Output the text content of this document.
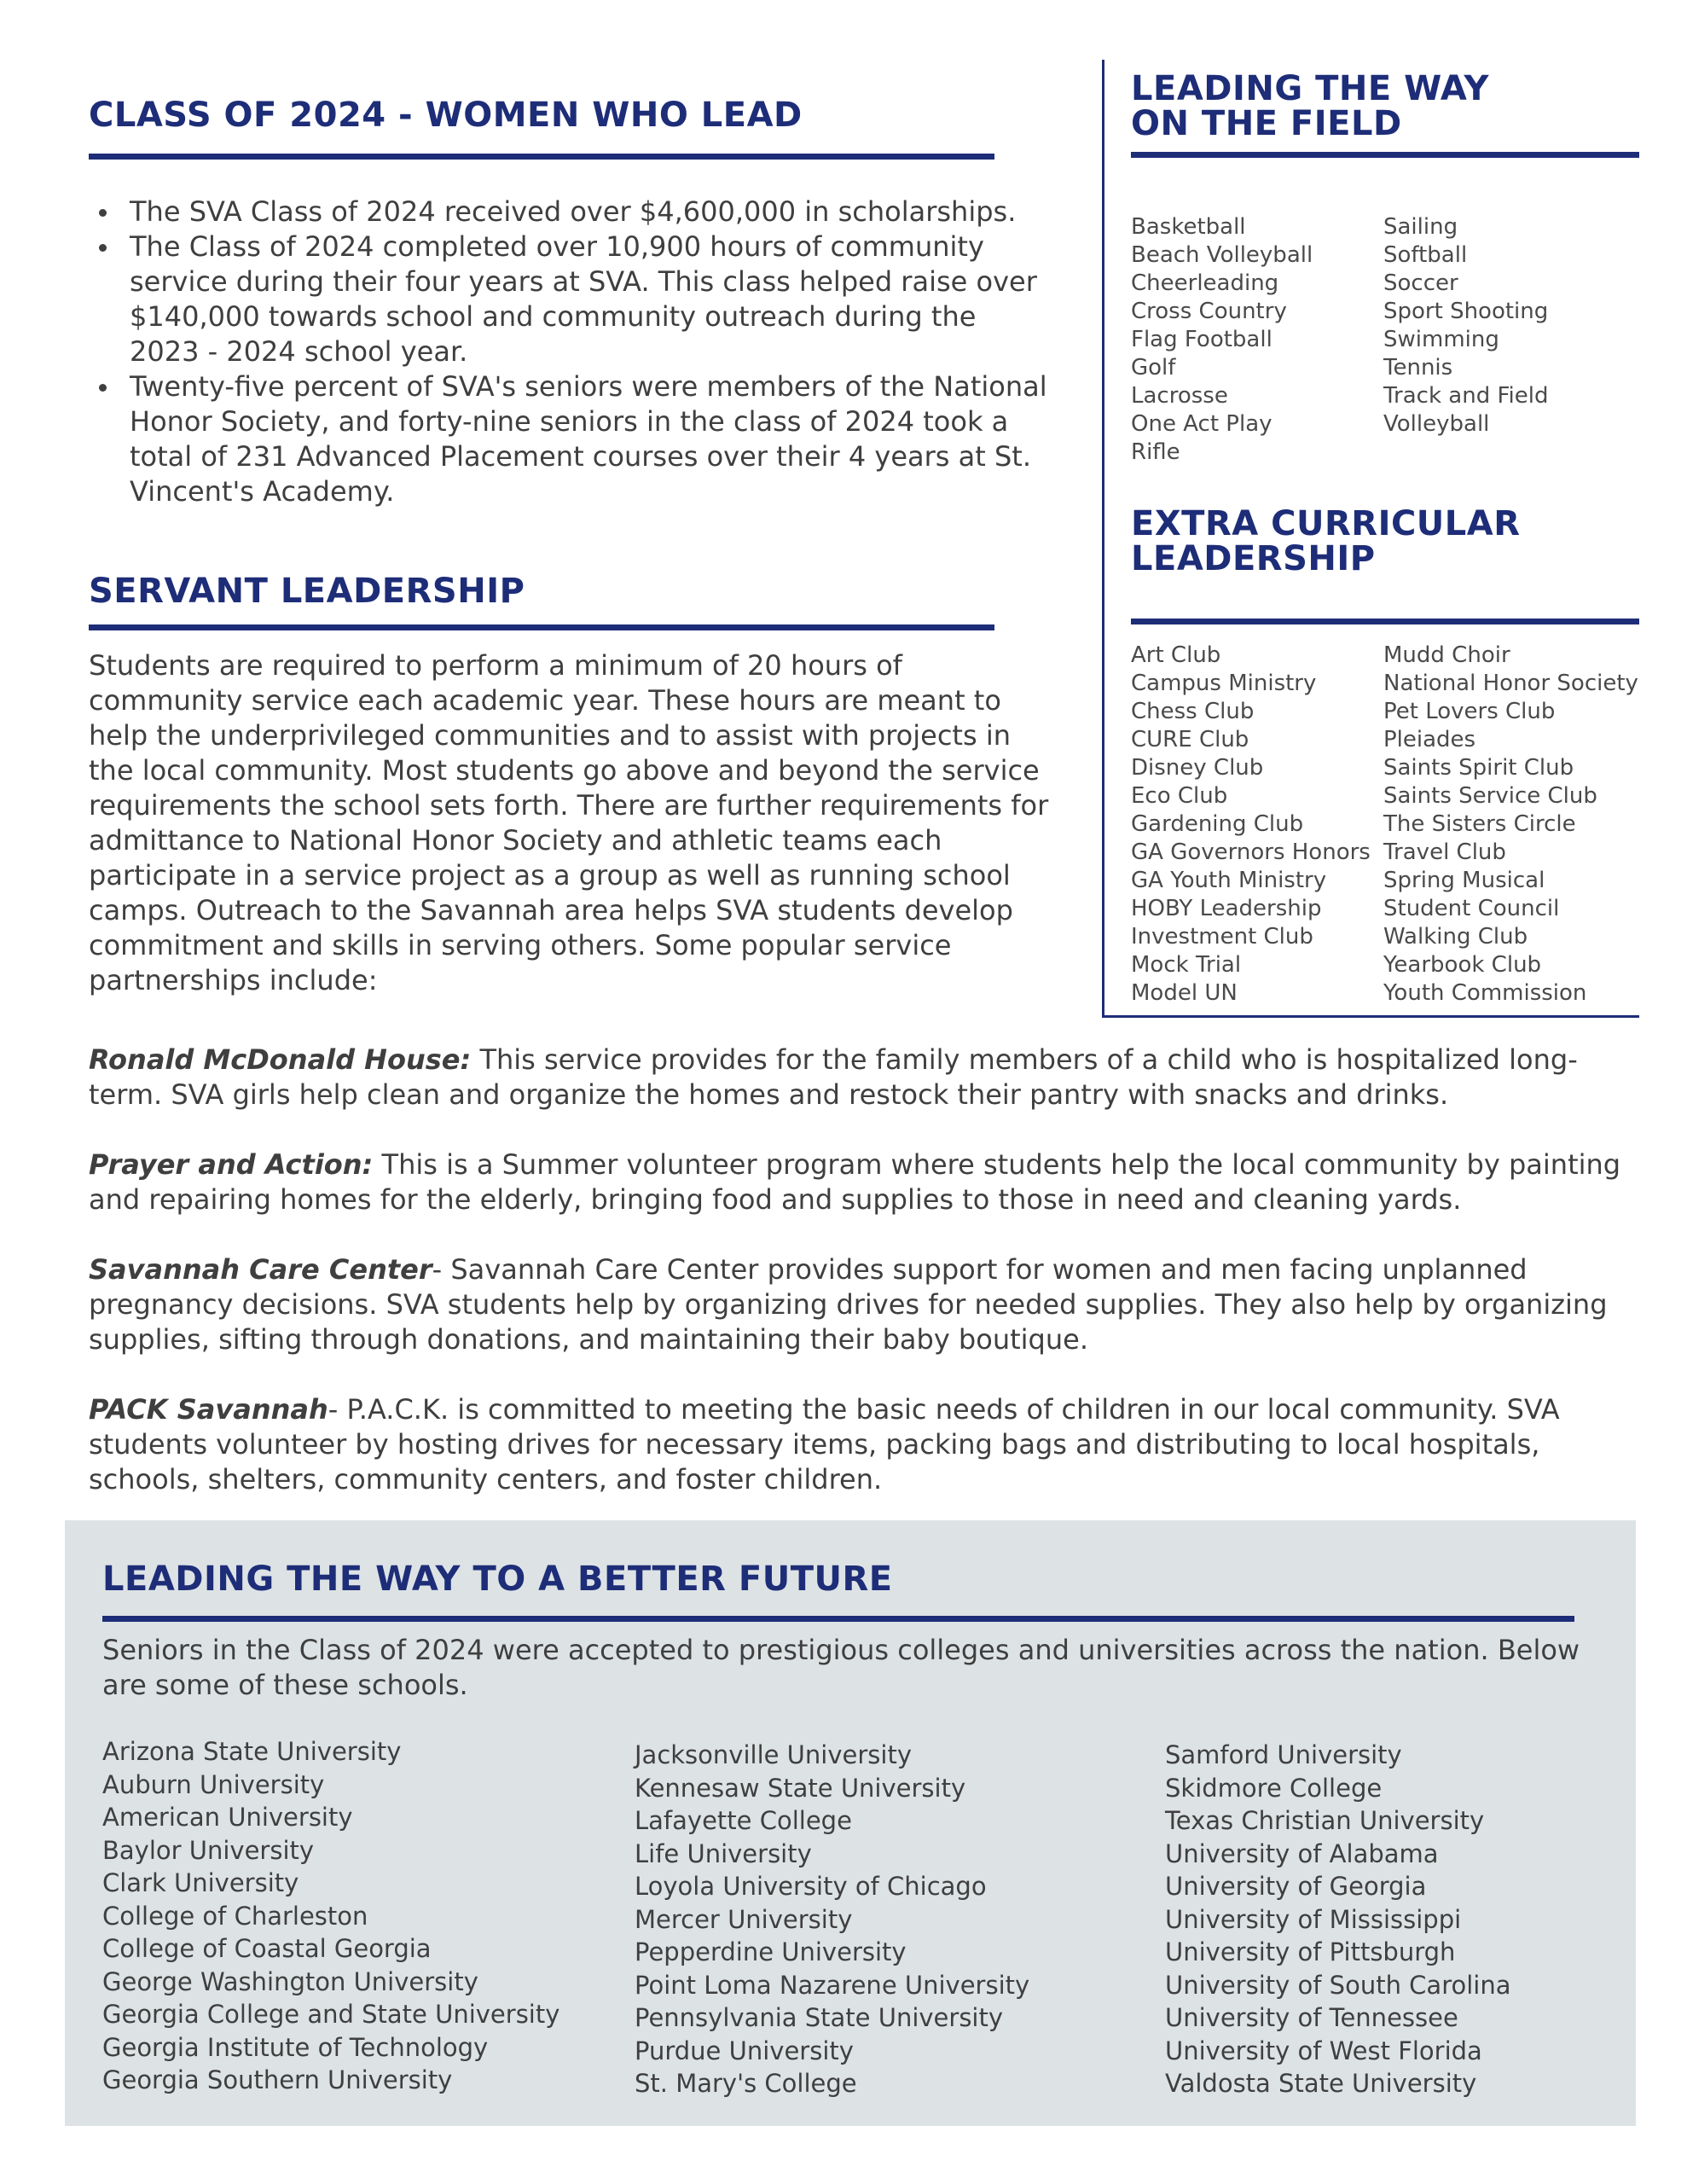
CLASS OF 2024 - WOMEN WHO LEAD
The SVA Class of 2024 received over $4,600,000 in scholarships.
The Class of 2024 completed over 10,900 hours of community service during their four years at SVA. This class helped raise over $140,000 towards school and community outreach during the 2023 - 2024 school year.
Twenty-five percent of SVA's seniors were members of the National Honor Society, and forty-nine seniors in the class of 2024 took a total of 231 Advanced Placement courses over their 4 years at St. Vincent's Academy.
SERVANT LEADERSHIP

Students are required to perform a minimum of 20 hours of community service each academic year. These hours are meant to help the underprivileged communities and to assist with projects in the local community. Most students go above and beyond the service requirements the school sets forth. There are further requirements for admittance to National Honor Society and athletic teams each participate in a service project as a group as well as running school camps. Outreach to the Savannah area helps SVA students develop commitment and skills in serving others. Some popular service partnerships include:

LEADING THE WAY
ON THE FIELD
Basketball
Beach Volleyball
Cheerleading
Cross Country
Flag Football
Golf
Lacrosse
One Act Play
Rifle
Sailing
Softball
Soccer
Sport Shooting
Swimming
Tennis
Track and Field
Volleyball
EXTRA CURRICULAR
LEADERSHIP
Art Club
Campus Ministry
Chess Club
CURE Club
Disney Club
Eco Club
Gardening Club
GA Governors Honors
GA Youth Ministry
HOBY Leadership
Investment Club
Mock Trial
Model UN
Mudd Choir
National Honor Society
Pet Lovers Club
Pleiades
Saints Spirit Club
Saints Service Club
The Sisters Circle
Travel Club
Spring Musical
Student Council
Walking Club
Yearbook Club
Youth Commission

Ronald McDonald House: This service provides for the family members of a child who is hospitalized long-term. SVA girls help clean and organize the homes and restock their pantry with snacks and drinks.

Prayer and Action: This is a Summer volunteer program where students help the local community by painting and repairing homes for the elderly, bringing food and supplies to those in need and cleaning yards.

Savannah Care Center- Savannah Care Center provides support for women and men facing unplanned pregnancy decisions. SVA students help by organizing drives for needed supplies. They also help by organizing supplies, sifting through donations, and maintaining their baby boutique.

PACK Savannah- P.A.C.K. is committed to meeting the basic needs of children in our local community. SVA students volunteer by hosting drives for necessary items, packing bags and distributing to local hospitals, schools, shelters, community centers, and foster children.

LEADING THE WAY TO A BETTER FUTURE

Seniors in the Class of 2024 were accepted to prestigious colleges and universities across the nation. Below are some of these schools.

Arizona State University
Auburn University
American University
Baylor University
Clark University
College of Charleston
College of Coastal Georgia
George Washington University
Georgia College and State University
Georgia Institute of Technology
Georgia Southern University
Jacksonville University
Kennesaw State University
Lafayette College
Life University
Loyola University of Chicago
Mercer University
Pepperdine University
Point Loma Nazarene University
Pennsylvania State University
Purdue University
St. Mary's College
Samford University
Skidmore College
Texas Christian University
University of Alabama
University of Georgia
University of Mississippi
University of Pittsburgh
University of South Carolina
University of Tennessee
University of West Florida
Valdosta State University
